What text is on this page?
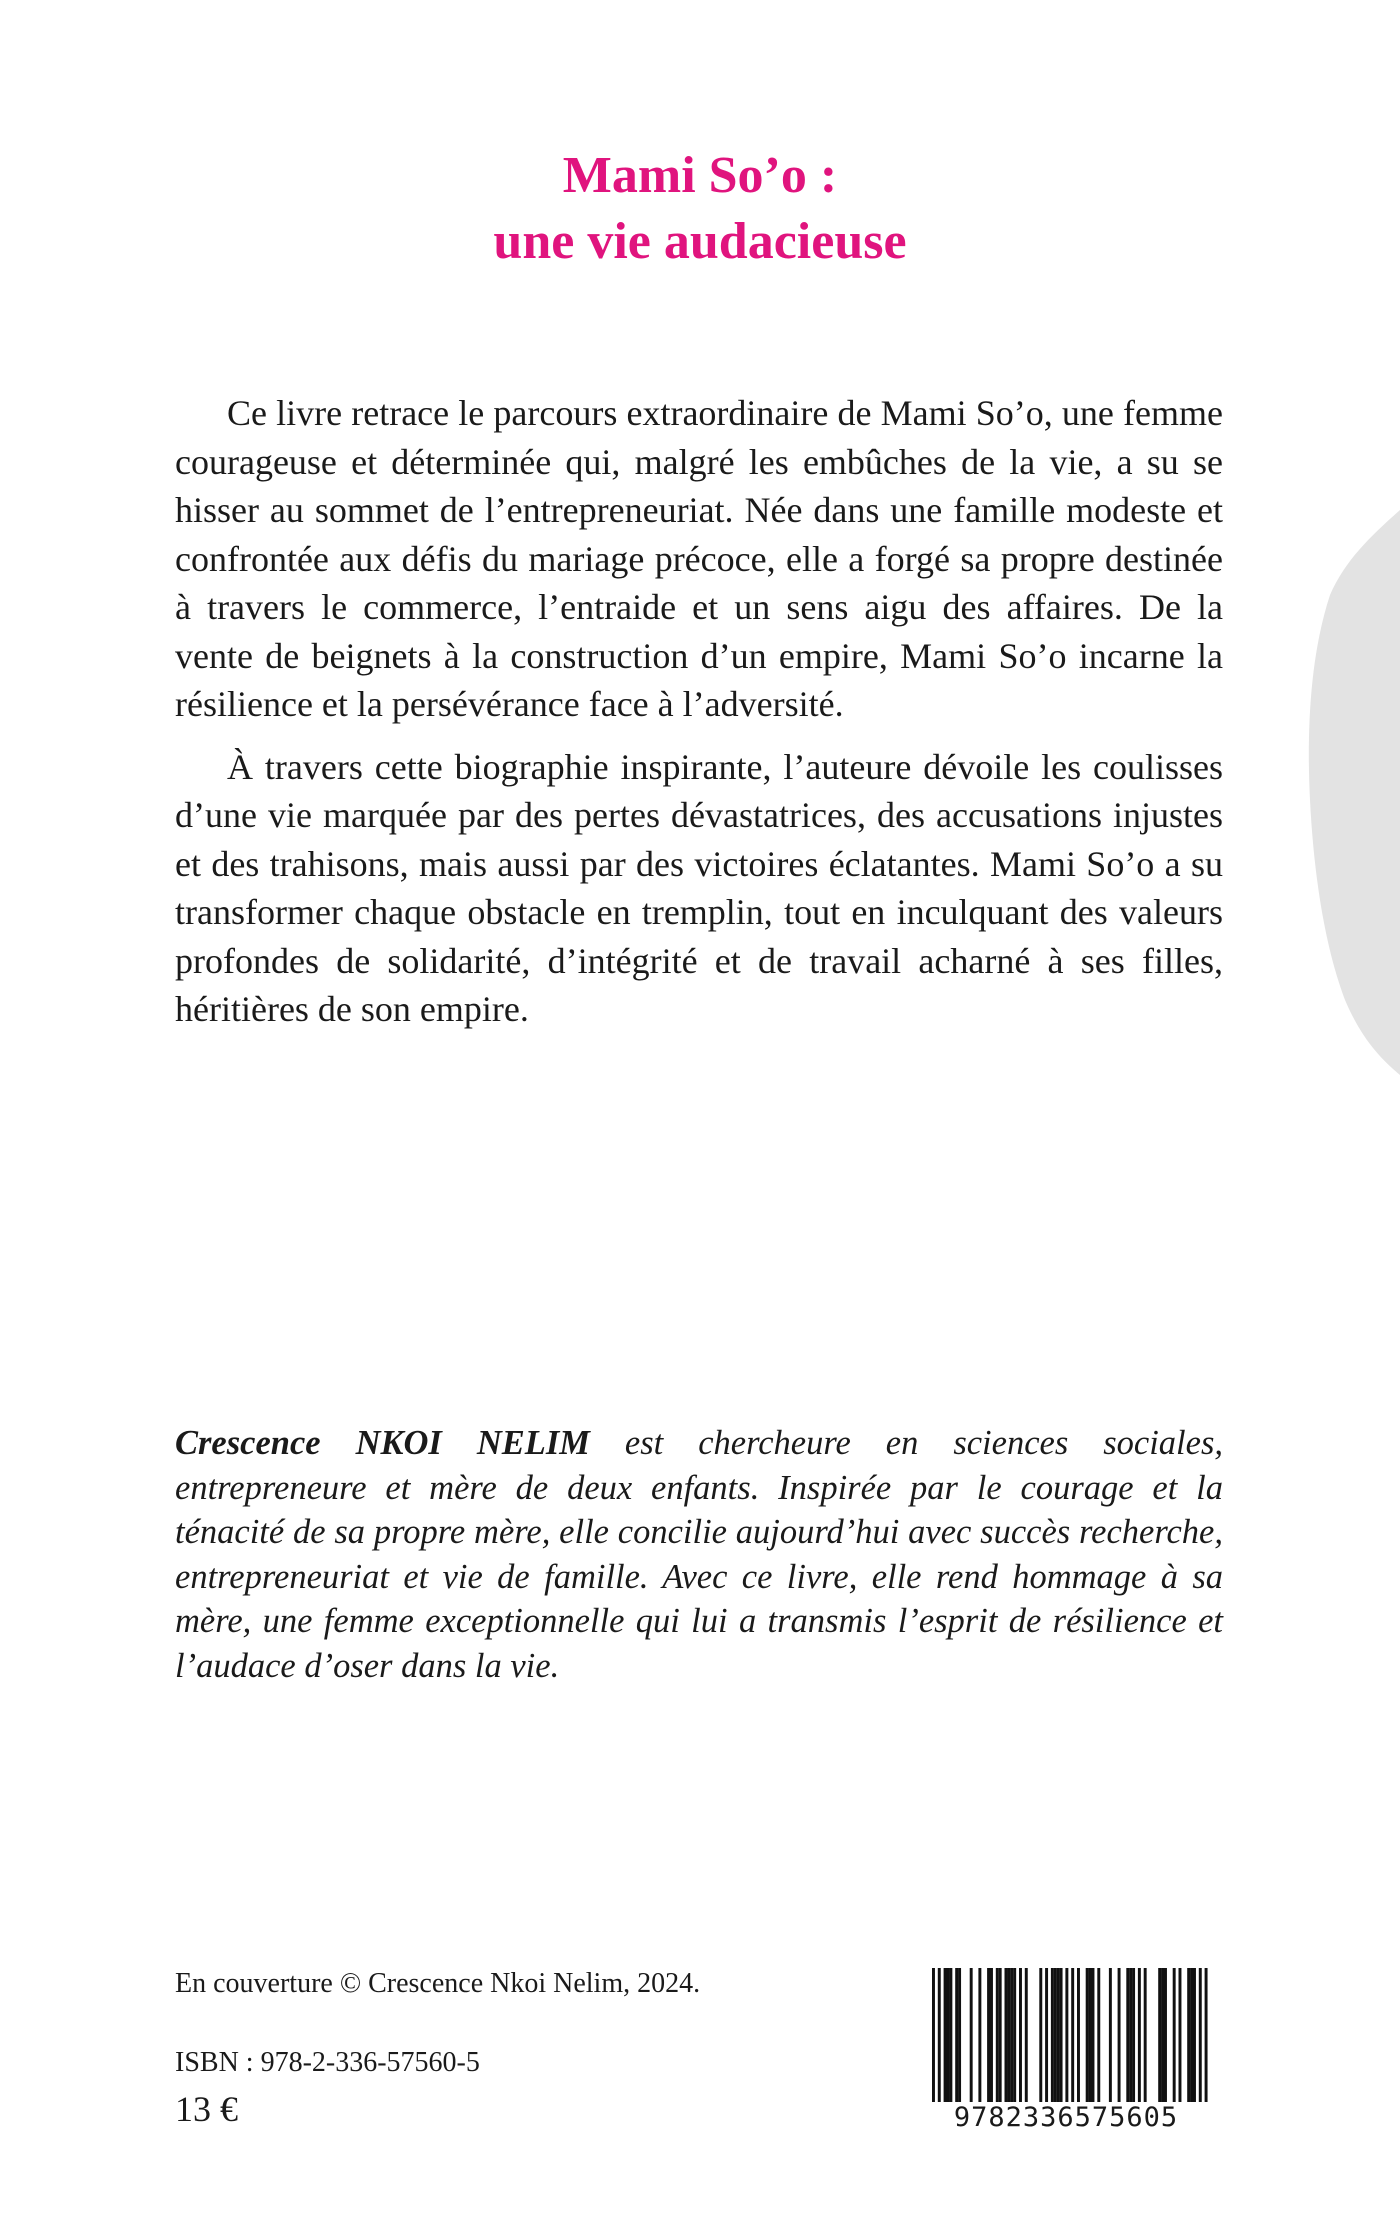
Mami So’o :
une vie audacieuse

Ce livre retrace le parcours extraordinaire de Mami So’o, une femme courageuse et déterminée qui, malgré les embûches de la vie, a su se hisser au sommet de l’entrepreneuriat. Née dans une famille modeste et confrontée aux défis du mariage précoce, elle a forgé sa propre destinée à travers le commerce, l’entraide et un sens aigu des affaires. De la vente de beignets à la construction d’un empire, Mami So’o incarne la résilience et la persévérance face à l’adversité.

À travers cette biographie inspirante, l’auteure dévoile les coulisses d’une vie marquée par des pertes dévastatrices, des accusations injustes et des trahisons, mais aussi par des victoires éclatantes. Mami So’o a su transformer chaque obstacle en tremplin, tout en inculquant des valeurs profondes de solidarité, d’intégrité et de travail acharné à ses filles, héritières de son empire.

Crescence NKOI NELIM est chercheure en sciences sociales, entrepreneure et mère de deux enfants. Inspirée par le courage et la ténacité de sa propre mère, elle concilie aujourd’hui avec succès recherche, entrepreneuriat et vie de famille. Avec ce livre, elle rend hommage à sa mère, une femme exceptionnelle qui lui a transmis l’esprit de résilience et l’audace d’oser dans la vie.

En couverture © Crescence Nkoi Nelim, 2024.

ISBN : 978-2-336-57560-5

13 €	9782336575605
